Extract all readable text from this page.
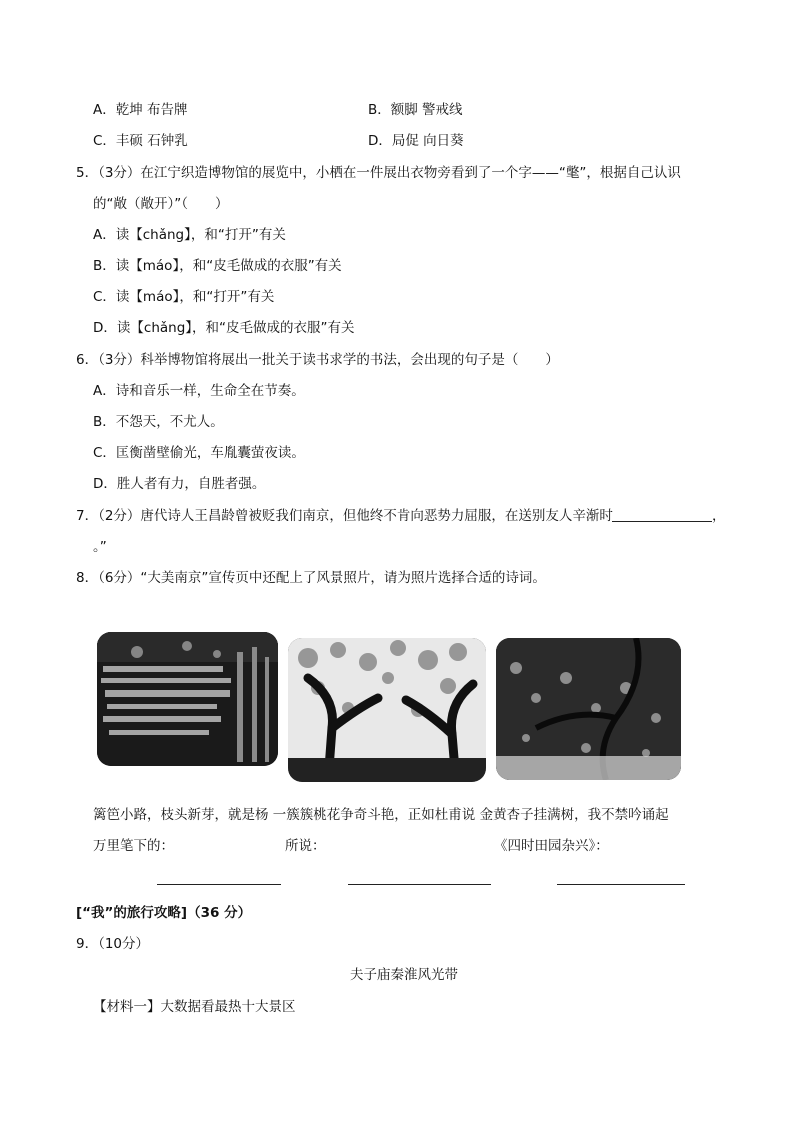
A．乾坤 布告牌	B．额脚 警戒线
C．丰硕 石钟乳	D．局促 向日葵
5．（3分）在江宁织造博物馆的展览中，小栖在一件展出衣物旁看到了一个字——“氅”，根据自己认识
的“敞（敞开）”（　　）
A．读【chǎng】，和“打开”有关
B．读【máo】，和“皮毛做成的衣服”有关
C．读【máo】，和“打开”有关
D．读【chǎng】，和“皮毛做成的衣服”有关
6．（3分）科举博物馆将展出一批关于读书求学的书法，会出现的句子是（　　）
A．诗和音乐一样，生命全在节奏。
B．不怨天，不尤人。
C．匡衡凿壁偷光，车胤囊萤夜读。
D．胜人者有力，自胜者强。
7．（2分）唐代诗人王昌龄曾被贬我们南京，但他终不肯向恶势力屈服，在送别友人辛渐时	，
。”
8．（6分）“大美南京”宣传页中还配上了风景照片，请为照片选择合适的诗词。
篱笆小路，枝头新芽，就是杨 一簇簇桃花争奇斗艳，正如杜甫说 金黄杏子挂满树，我不禁吟诵起
万里笔下的：	所说：	《四时田园杂兴》：
[“我”的旅行攻略]（36 分）
9．（10分）
夫子庙秦淮风光带
【材料一】大数据看最热十大景区
